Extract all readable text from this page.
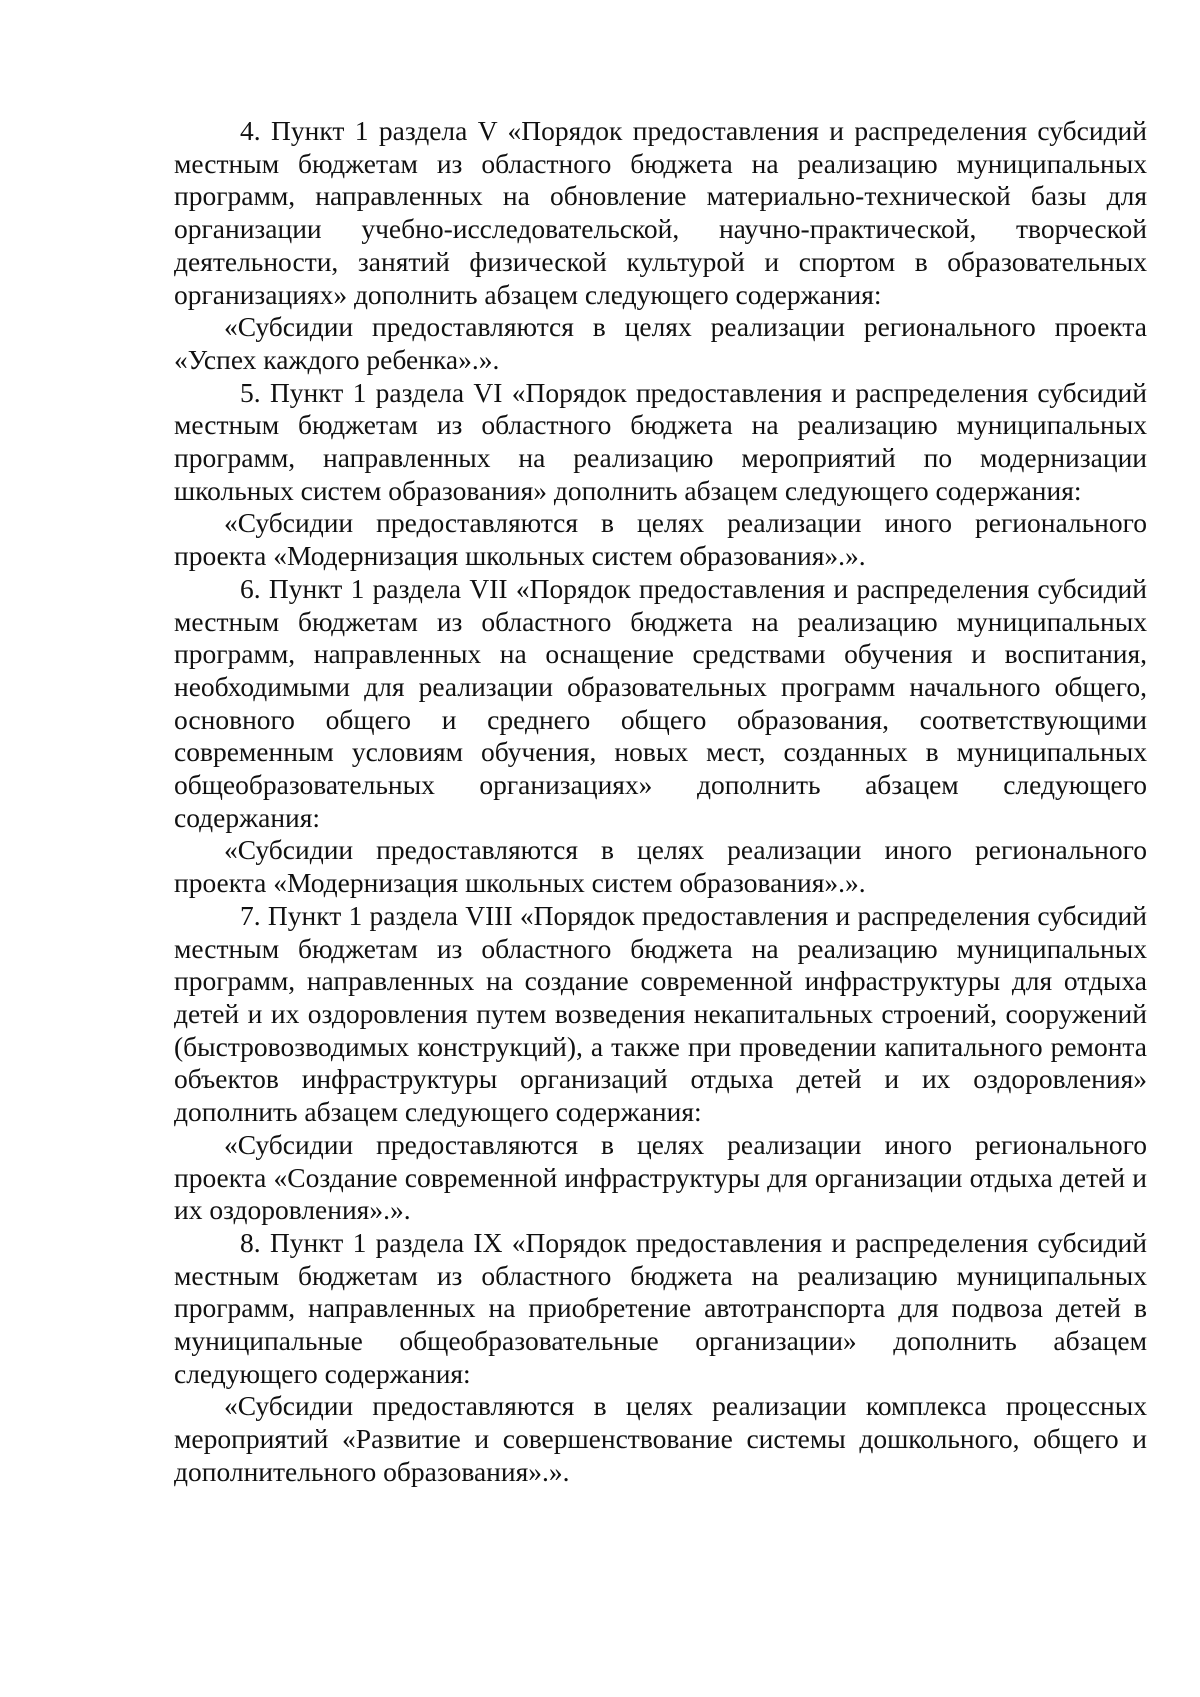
4. Пункт 1 раздела V «Порядок предоставления и распределения субсидий местным бюджетам из областного бюджета на реализацию муниципальных программ, направленных на обновление материально-технической базы для организации учебно-исследовательской, научно-практической, творческой деятельности, занятий физической культурой и спортом в образовательных организациях» дополнить абзацем следующего содержания:

«Субсидии предоставляются в целях реализации регионального проекта «Успех каждого ребенка».».

5. Пункт 1 раздела VI «Порядок предоставления и распределения субсидий местным бюджетам из областного бюджета на реализацию муниципальных программ, направленных на реализацию мероприятий по модернизации школьных систем образования» дополнить абзацем следующего содержания:

«Субсидии предоставляются в целях реализации иного регионального проекта «Модернизация школьных систем образования».».

6. Пункт 1 раздела VII «Порядок предоставления и распределения субсидий местным бюджетам из областного бюджета на реализацию муниципальных программ, направленных на оснащение средствами обучения и воспитания, необходимыми для реализации образовательных программ начального общего, основного общего и среднего общего образования, соответствующими современным условиям обучения, новых мест, созданных в муниципальных общеобразовательных организациях» дополнить абзацем следующего содержания:

«Субсидии предоставляются в целях реализации иного регионального проекта «Модернизация школьных систем образования».».

7. Пункт 1 раздела VIII «Порядок предоставления и распределения субсидий местным бюджетам из областного бюджета на реализацию муниципальных программ, направленных на создание современной инфраструктуры для отдыха детей и их оздоровления путем возведения некапитальных строений, сооружений (быстровозводимых конструкций), а также при проведении капитального ремонта объектов инфраструктуры организаций отдыха детей и их оздоровления» дополнить абзацем следующего содержания:

«Субсидии предоставляются в целях реализации иного регионального проекта «Создание современной инфраструктуры для организации отдыха детей и их оздоровления».».

8. Пункт 1 раздела IX «Порядок предоставления и распределения субсидий местным бюджетам из областного бюджета на реализацию муниципальных программ, направленных на приобретение автотранспорта для подвоза детей в муниципальные общеобразовательные организации» дополнить абзацем следующего содержания:

«Субсидии предоставляются в целях реализации комплекса процессных мероприятий «Развитие и совершенствование системы дошкольного, общего и дополнительного образования».».
